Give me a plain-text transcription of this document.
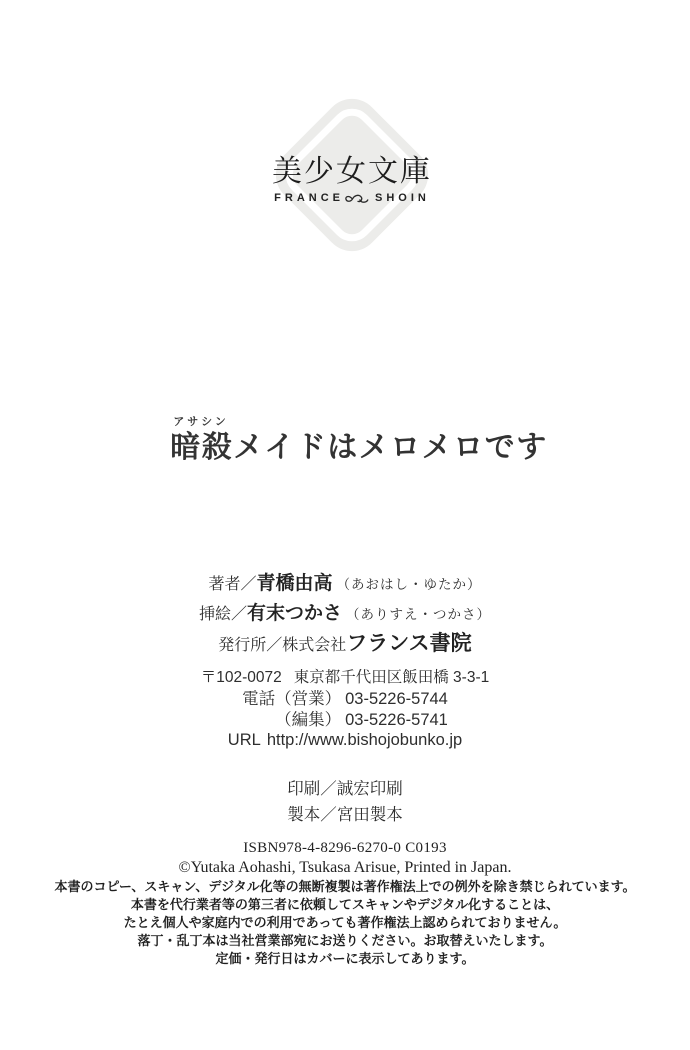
美少女文庫
FRANCE	SHOIN
アサシン
暗殺メイドはメロメロです
著者／ 青橋由高 （あおはし・ゆたか）
挿絵／ 有末つかさ （ありすえ・つかさ）
発行所／株式会社 フランス書院
〒102-0072 東京都千代田区飯田橋 3-3-1
電話（営業） 03-5226-5744
（編集） 03-5226-5741
URL http://www.bishojobunko.jp
印刷／誠宏印刷
製本／宮田製本
ISBN978-4-8296-6270-0 C0193
©Yutaka Aohashi, Tsukasa Arisue, Printed in Japan.
本書のコピー、スキャン、デジタル化等の無断複製は著作権法上での例外を除き禁じられています。
本書を代行業者等の第三者に依頼してスキャンやデジタル化することは、
たとえ個人や家庭内での利用であっても著作権法上認められておりません。
落丁・乱丁本は当社営業部宛にお送りください。お取替えいたします。
定価・発行日はカバーに表示してあります。
